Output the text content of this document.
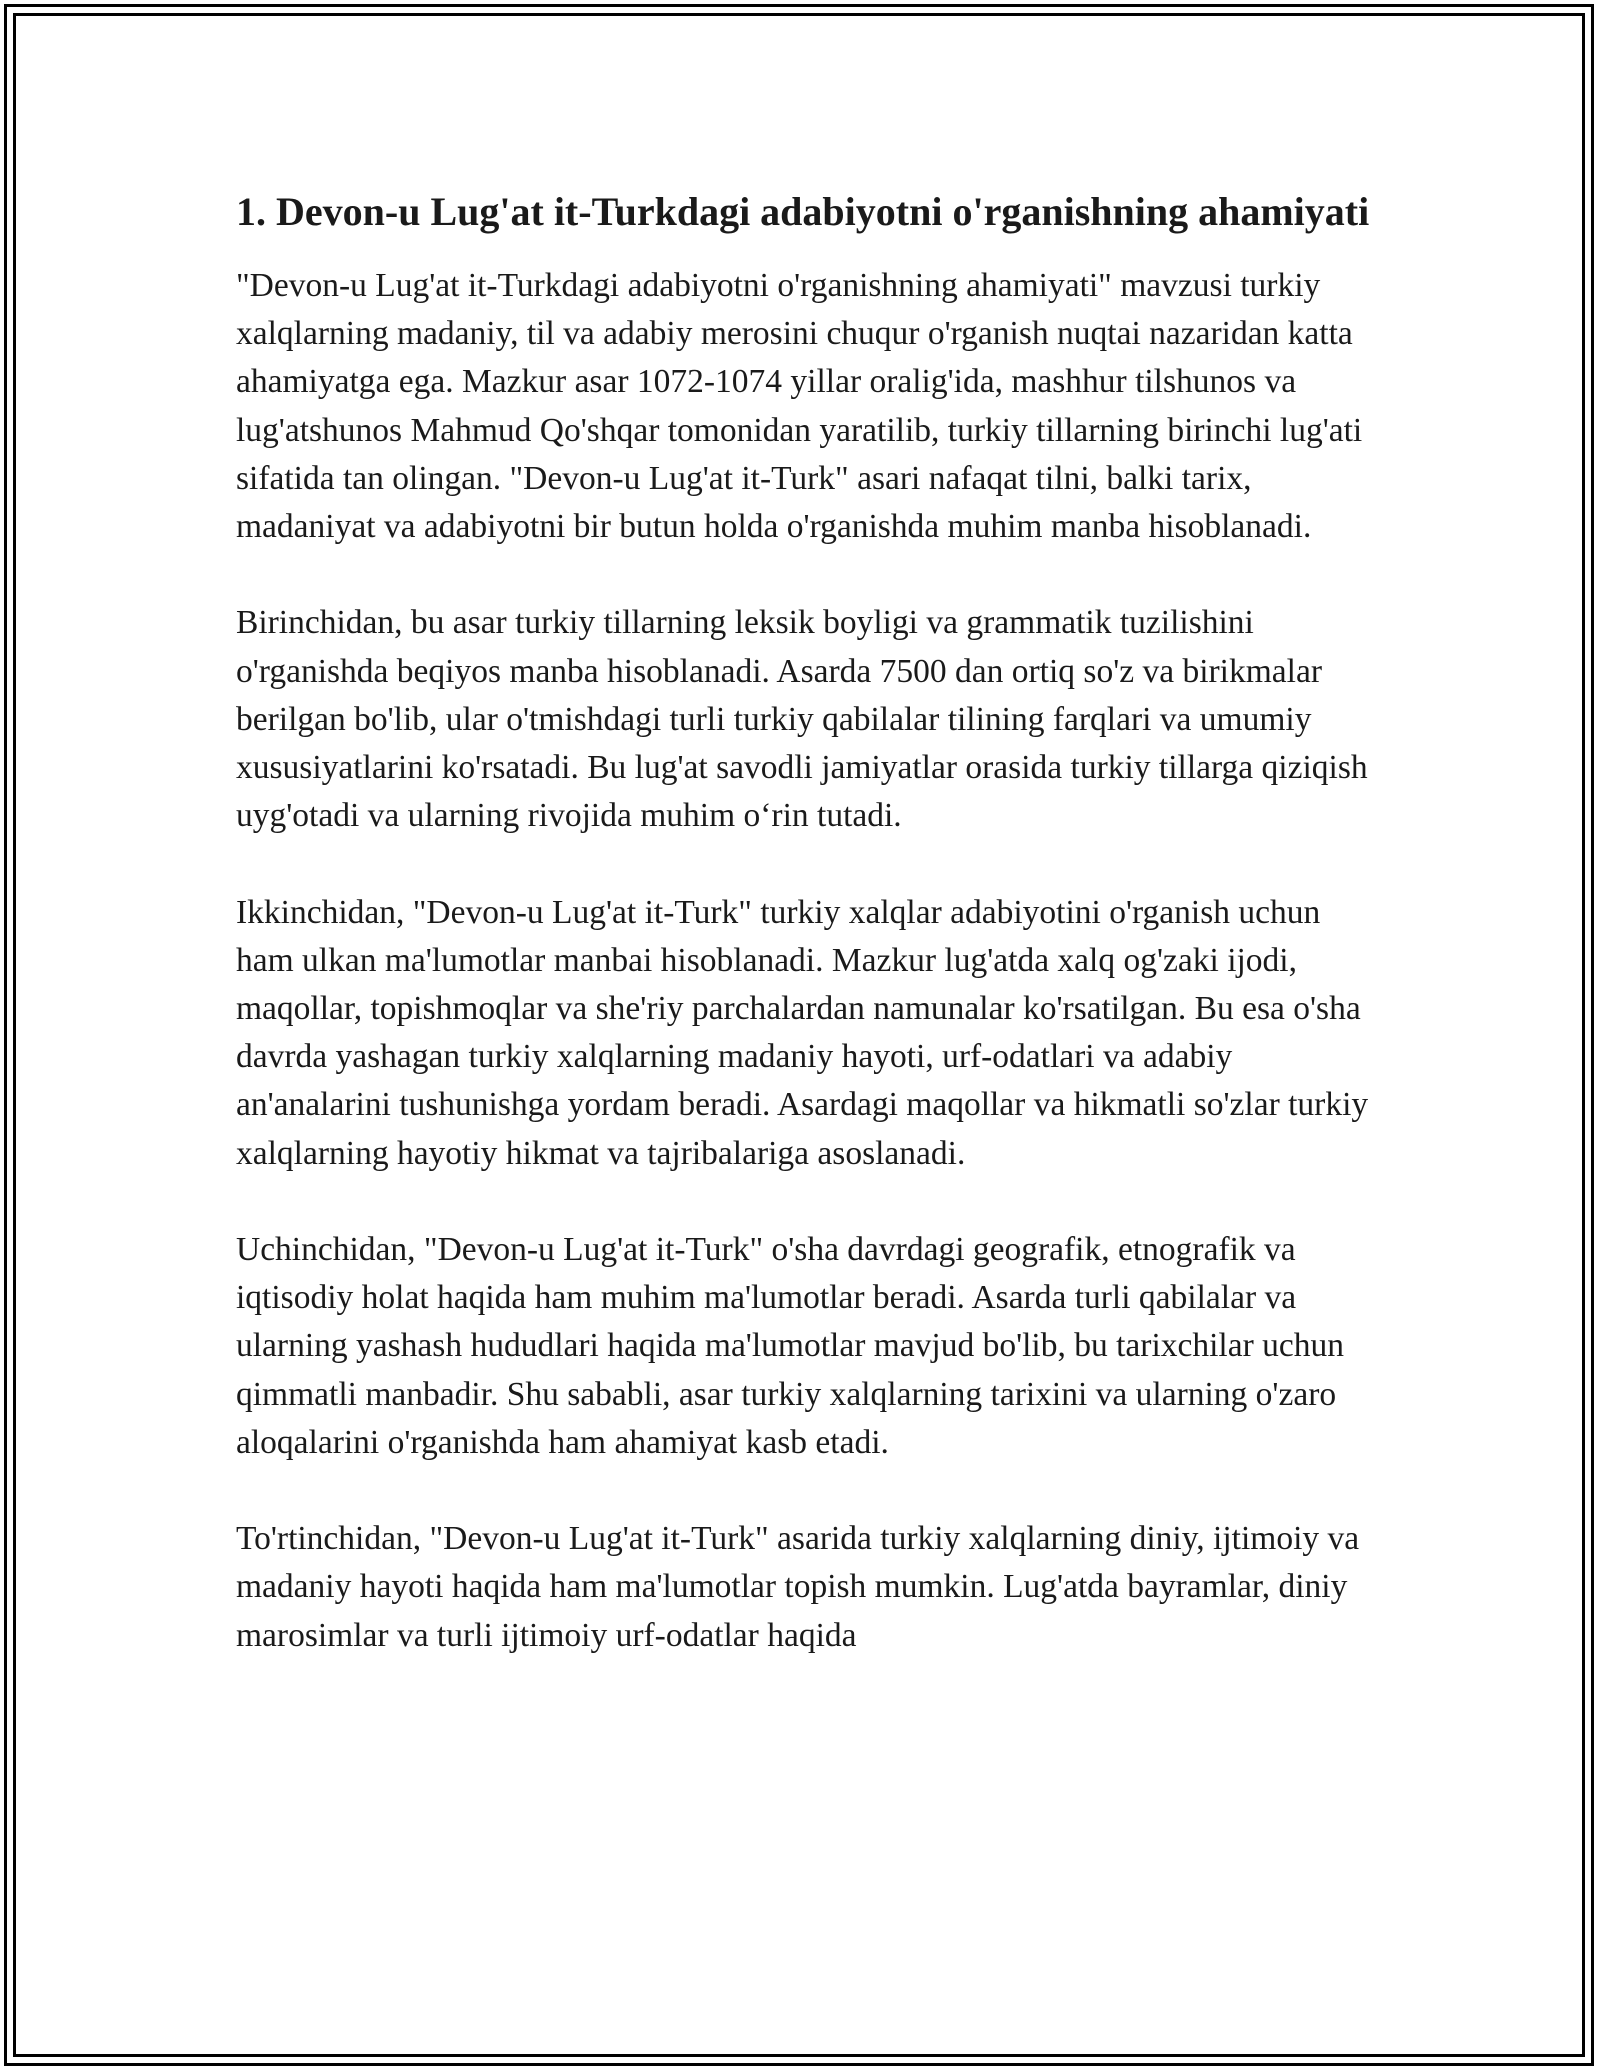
1. Devon-u Lug'at it-Turkdagi adabiyotni o'rganishning ahamiyati

"Devon-u Lug'at it-Turkdagi adabiyotni o'rganishning ahamiyati" mavzusi turkiy xalqlarning madaniy, til va adabiy merosini chuqur o'rganish nuqtai nazaridan katta ahamiyatga ega. Mazkur asar 1072-1074 yillar oralig'ida, mashhur tilshunos va lug'atshunos Mahmud Qo'shqar tomonidan yaratilib, turkiy tillarning birinchi lug'ati sifatida tan olingan. "Devon-u Lug'at it-Turk" asari nafaqat tilni, balki tarix, madaniyat va adabiyotni bir butun holda o'rganishda muhim manba hisoblanadi.

Birinchidan, bu asar turkiy tillarning leksik boyligi va grammatik tuzilishini o'rganishda beqiyos manba hisoblanadi. Asarda 7500 dan ortiq so'z va birikmalar berilgan bo'lib, ular o'tmishdagi turli turkiy qabilalar tilining farqlari va umumiy xususiyatlarini ko'rsatadi. Bu lug'at savodli jamiyatlar orasida turkiy tillarga qiziqish uyg'otadi va ularning rivojida muhim o‘rin tutadi.

Ikkinchidan, "Devon-u Lug'at it-Turk" turkiy xalqlar adabiyotini o'rganish uchun ham ulkan ma'lumotlar manbai hisoblanadi. Mazkur lug'atda xalq og'zaki ijodi, maqollar, topishmoqlar va she'riy parchalardan namunalar ko'rsatilgan. Bu esa o'sha davrda yashagan turkiy xalqlarning madaniy hayoti, urf-odatlari va adabiy an'analarini tushunishga yordam beradi. Asardagi maqollar va hikmatli so'zlar turkiy xalqlarning hayotiy hikmat va tajribalariga asoslanadi.

Uchinchidan, "Devon-u Lug'at it-Turk" o'sha davrdagi geografik, etnografik va iqtisodiy holat haqida ham muhim ma'lumotlar beradi. Asarda turli qabilalar va ularning yashash hududlari haqida ma'lumotlar mavjud bo'lib, bu tarixchilar uchun qimmatli manbadir. Shu sababli, asar turkiy xalqlarning tarixini va ularning o'zaro aloqalarini o'rganishda ham ahamiyat kasb etadi.

To'rtinchidan, "Devon-u Lug'at it-Turk" asarida turkiy xalqlarning diniy, ijtimoiy va madaniy hayoti haqida ham ma'lumotlar topish mumkin. Lug'atda bayramlar, diniy marosimlar va turli ijtimoiy urf-odatlar haqida
